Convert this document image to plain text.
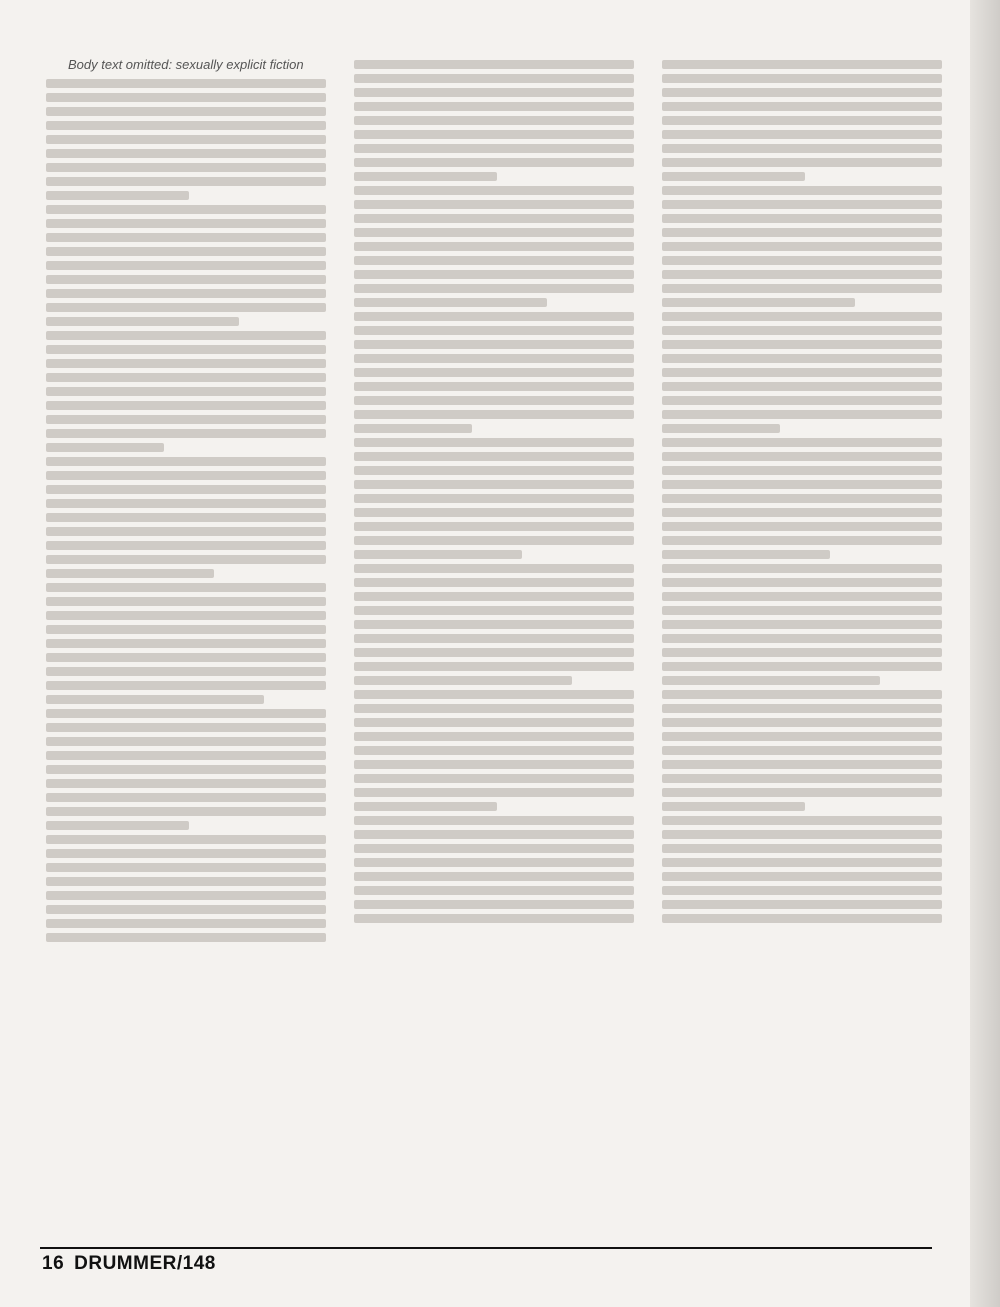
Body text omitted: sexually explicit fiction

16 DRUMMER/148
